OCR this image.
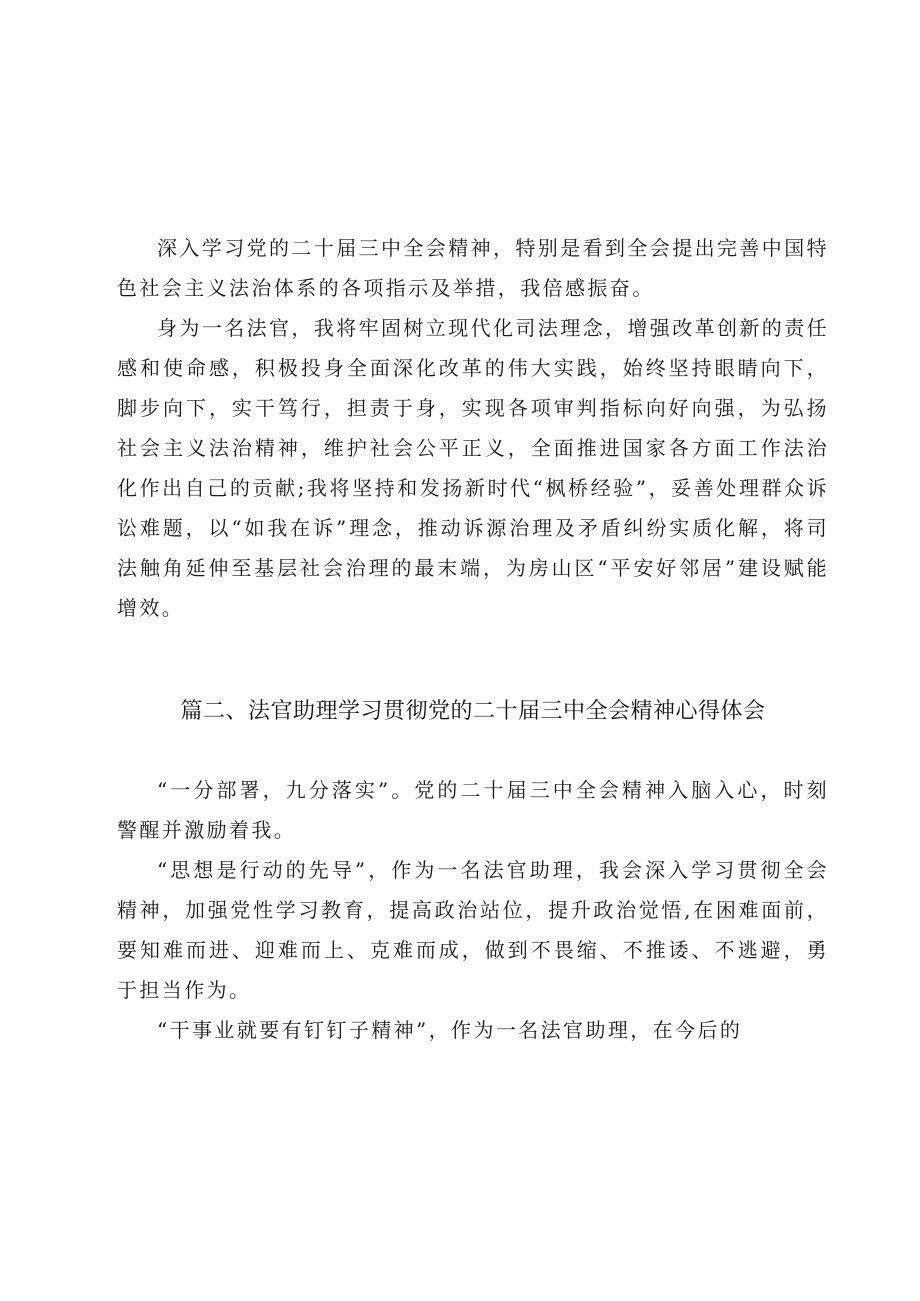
深入学习党的二十届三中全会精神，特别是看到全会提出完善中国特色社会主义法治体系的各项指示及举措，我倍感振奋。

身为一名法官，我将牢固树立现代化司法理念，增强改革创新的责任感和使命感，积极投身全面深化改革的伟大实践，始终坚持眼睛向下，脚步向下，实干笃行，担责于身，实现各项审判指标向好向强，为弘扬社会主义法治精神，维护社会公平正义，全面推进国家各方面工作法治化作出自己的贡献;我将坚持和发扬新时代“枫桥经验”，妥善处理群众诉讼难题，以“如我在诉”理念，推动诉源治理及矛盾纠纷实质化解，将司法触角延伸至基层社会治理的最末端，为房山区“平安好邻居”建设赋能增效。

篇二、法官助理学习贯彻党的二十届三中全会精神心得体会

“一分部署，九分落实”。党的二十届三中全会精神入脑入心，时刻警醒并激励着我。

“思想是行动的先导”，作为一名法官助理，我会深入学习贯彻全会精神，加强党性学习教育，提高政治站位，提升政治觉悟,在困难面前，要知难而进、迎难而上、克难而成，做到不畏缩、不推诿、不逃避，勇于担当作为。

“干事业就要有钉钉子精神”，作为一名法官助理，在今后的
